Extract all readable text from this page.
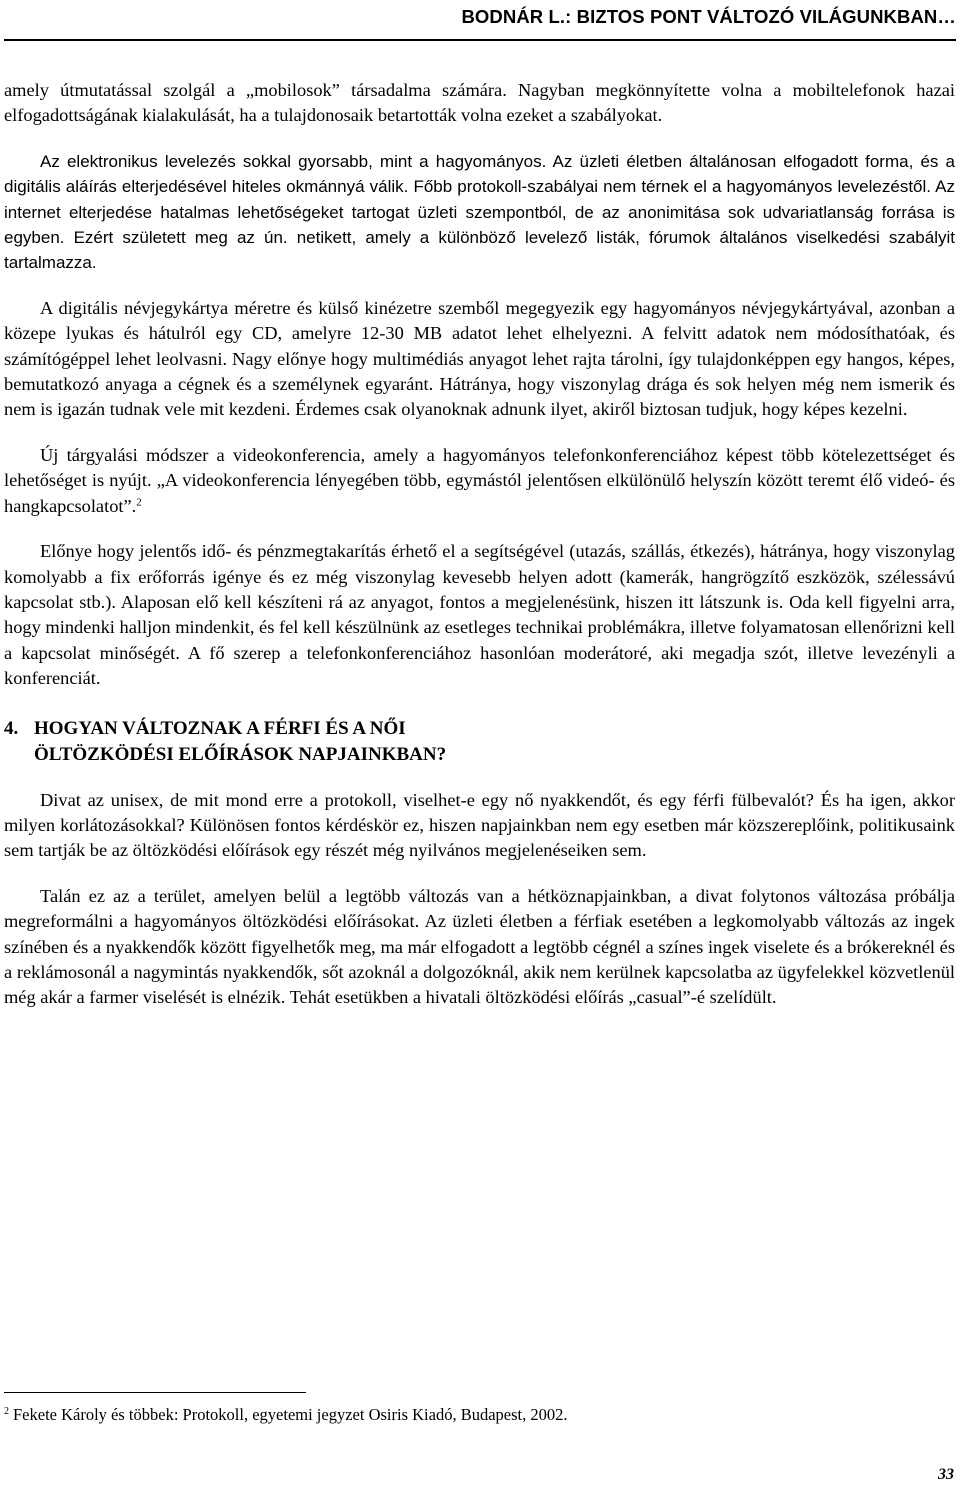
BODNÁR L.: BIZTOS PONT VÁLTOZÓ VILÁGUNKBAN…

amely útmutatással szolgál a „mobilosok” társadalma számára. Nagyban megkönnyítette volna a mobiltelefonok hazai elfogadottságának kialakulását, ha a tulajdonosaik betartották volna ezeket a szabályokat.

Az elektronikus levelezés sokkal gyorsabb, mint a hagyományos. Az üzleti életben általánosan elfogadott forma, és a digitális aláírás elterjedésével hiteles okmánnyá válik. Főbb protokoll-szabályai nem térnek el a hagyományos levelezéstől. Az internet elterjedése hatalmas lehetőségeket tartogat üzleti szempontból, de az anonimitása sok udvariatlanság forrása is egyben. Ezért született meg az ún. netikett, amely a különböző levelező listák, fórumok általános viselkedési szabályit tartalmazza.

A digitális névjegykártya méretre és külső kinézetre szemből megegyezik egy hagyományos névjegykártyával, azonban a közepe lyukas és hátulról egy CD, amelyre 12-30 MB adatot lehet elhelyezni. A felvitt adatok nem módosíthatóak, és számítógéppel lehet leolvasni. Nagy előnye hogy multimédiás anyagot lehet rajta tárolni, így tulajdonképpen egy hangos, képes, bemutatkozó anyaga a cégnek és a személynek egyaránt. Hátránya, hogy viszonylag drága és sok helyen még nem ismerik és nem is igazán tudnak vele mit kezdeni. Érdemes csak olyanoknak adnunk ilyet, akiről biztosan tudjuk, hogy képes kezelni.

Új tárgyalási módszer a videokonferencia, amely a hagyományos telefonkonferenciához képest több kötelezettséget és lehetőséget is nyújt. „A videokonferencia lényegében több, egymástól jelentősen elkülönülő helyszín között teremt élő videó- és hangkapcsolatot”.$^2$

Előnye hogy jelentős idő- és pénzmegtakarítás érhető el a segítségével (utazás, szállás, étkezés), hátránya, hogy viszonylag komolyabb a fix erőforrás igénye és ez még viszonylag kevesebb helyen adott (kamerák, hangrögzítő eszközök, szélessávú kapcsolat stb.). Alaposan elő kell készíteni rá az anyagot, fontos a megjelenésünk, hiszen itt látszunk is. Oda kell figyelni arra, hogy mindenki halljon mindenkit, és fel kell készülnünk az esetleges technikai problémákra, illetve folyamatosan ellenőrizni kell a kapcsolat minőségét. A fő szerep a telefonkonferenciához hasonlóan moderátoré, aki megadja szót, illetve levezényli a konferenciát.

4. HOGYAN VÁLTOZNAK A FÉRFI ÉS A NŐI
ÖLTÖZKÖDÉSI ELŐÍRÁSOK NAPJAINKBAN?

Divat az unisex, de mit mond erre a protokoll, viselhet-e egy nő nyakkendőt, és egy férfi fülbevalót? És ha igen, akkor milyen korlátozásokkal? Különösen fontos kérdéskör ez, hiszen napjainkban nem egy esetben már közszereplőink, politikusaink sem tartják be az öltözködési előírások egy részét még nyilvános megjelenéseiken sem.

Talán ez az a terület, amelyen belül a legtöbb változás van a hétköznapjainkban, a divat folytonos változása próbálja megreformálni a hagyományos öltözködési előírásokat. Az üzleti életben a férfiak esetében a legkomolyabb változás az ingek színében és a nyakkendők között figyelhetők meg, ma már elfogadott a legtöbb cégnél a színes ingek viselete és a brókereknél és a reklámosonál a nagymintás nyakkendők, sőt azoknál a dolgozóknál, akik nem kerülnek kapcsolatba az ügyfelekkel közvetlenül még akár a farmer viselését is elnézik. Tehát esetükben a hivatali öltözködési előírás „casual”-é szelídült.

$^2$ Fekete Károly és többek: Protokoll, egyetemi jegyzet Osiris Kiadó, Budapest, 2002.
33
